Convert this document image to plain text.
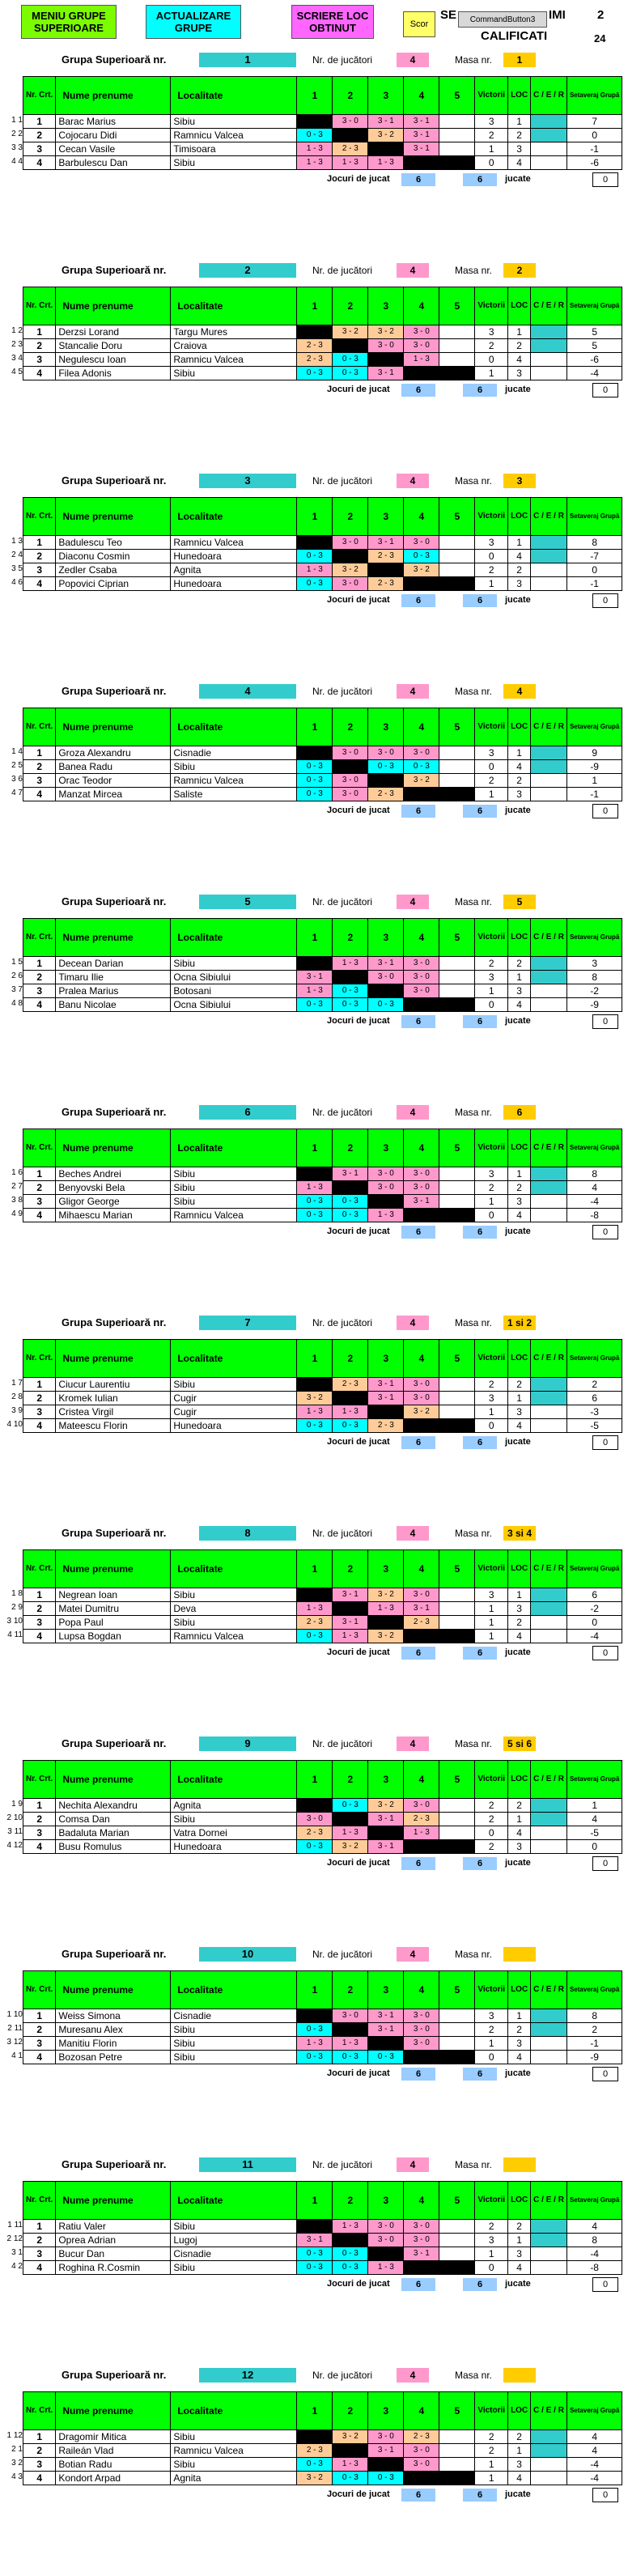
MENIU GRUPE SUPERIOARE
ACTUALIZARE GRUPE
SCRIERE LOC OBTINUT	Scor
SE	CommandButton3	IMI	2
CALIFICATI	24
Grupa Superioară nr.	1	Nr. de jucători	4	Masa nr.	1
1 1
2 2
3 3
4 4
Nr. Crt.	Nume prenume	Localitate	1	2	3	4	5	Victorii	LOC	C / E / R	Setaveraj Grupă
1	Barac Marius	Sibiu		3 - 0	3 - 1	3 - 1		3	1		7
2	Cojocaru Didi	Ramnicu Valcea	0 - 3		3 - 2	3 - 1		2	2		0
3	Cecan Vasile	Timisoara	1 - 3	2 - 3		3 - 1		1	3		-1
4	Barbulescu Dan	Sibiu	1 - 3	1 - 3	1 - 3			0	4		-6
Jocuri de jucat	6	6	jucate	0
Grupa Superioară nr.	2	Nr. de jucători	4	Masa nr.	2
1 2
2 3
3 4
4 5
Nr. Crt.	Nume prenume	Localitate	1	2	3	4	5	Victorii	LOC	C / E / R	Setaveraj Grupă
1	Derzsi Lorand	Targu Mures		3 - 2	3 - 2	3 - 0		3	1		5
2	Stancalie Doru	Craiova	2 - 3		3 - 0	3 - 0		2	2		5
3	Negulescu Ioan	Ramnicu Valcea	2 - 3	0 - 3		1 - 3		0	4		-6
4	Filea Adonis	Sibiu	0 - 3	0 - 3	3 - 1			1	3		-4
Jocuri de jucat	6	6	jucate	0
Grupa Superioară nr.	3	Nr. de jucători	4	Masa nr.	3
1 3
2 4
3 5
4 6
Nr. Crt.	Nume prenume	Localitate	1	2	3	4	5	Victorii	LOC	C / E / R	Setaveraj Grupă
1	Badulescu Teo	Ramnicu Valcea		3 - 0	3 - 1	3 - 0		3	1		8
2	Diaconu Cosmin	Hunedoara	0 - 3		2 - 3	0 - 3		0	4		-7
3	Zedler Csaba	Agnita	1 - 3	3 - 2		3 - 2		2	2		0
4	Popovici Ciprian	Hunedoara	0 - 3	3 - 0	2 - 3			1	3		-1
Jocuri de jucat	6	6	jucate	0
Grupa Superioară nr.	4	Nr. de jucători	4	Masa nr.	4
1 4
2 5
3 6
4 7
Nr. Crt.	Nume prenume	Localitate	1	2	3	4	5	Victorii	LOC	C / E / R	Setaveraj Grupă
1	Groza Alexandru	Cisnadie		3 - 0	3 - 0	3 - 0		3	1		9
2	Banea Radu	Sibiu	0 - 3		0 - 3	0 - 3		0	4		-9
3	Orac Teodor	Ramnicu Valcea	0 - 3	3 - 0		3 - 2		2	2		1
4	Manzat Mircea	Saliste	0 - 3	3 - 0	2 - 3			1	3		-1
Jocuri de jucat	6	6	jucate	0
Grupa Superioară nr.	5	Nr. de jucători	4	Masa nr.	5
1 5
2 6
3 7
4 8
Nr. Crt.	Nume prenume	Localitate	1	2	3	4	5	Victorii	LOC	C / E / R	Setaveraj Grupă
1	Decean Darian	Sibiu		1 - 3	3 - 1	3 - 0		2	2		3
2	Timaru Ilie	Ocna Sibiului	3 - 1		3 - 0	3 - 0		3	1		8
3	Pralea Marius	Botosani	1 - 3	0 - 3		3 - 0		1	3		-2
4	Banu Nicolae	Ocna Sibiului	0 - 3	0 - 3	0 - 3			0	4		-9
Jocuri de jucat	6	6	jucate	0
Grupa Superioară nr.	6	Nr. de jucători	4	Masa nr.	6
1 6
2 7
3 8
4 9
Nr. Crt.	Nume prenume	Localitate	1	2	3	4	5	Victorii	LOC	C / E / R	Setaveraj Grupă
1	Beches Andrei	Sibiu		3 - 1	3 - 0	3 - 0		3	1		8
2	Benyovski Bela	Sibiu	1 - 3		3 - 0	3 - 0		2	2		4
3	Gligor George	Sibiu	0 - 3	0 - 3		3 - 1		1	3		-4
4	Mihaescu Marian	Ramnicu Valcea	0 - 3	0 - 3	1 - 3			0	4		-8
Jocuri de jucat	6	6	jucate	0
Grupa Superioară nr.	7	Nr. de jucători	4	Masa nr.	1 si 2
1 7
2 8
3 9
4 10
Nr. Crt.	Nume prenume	Localitate	1	2	3	4	5	Victorii	LOC	C / E / R	Setaveraj Grupă
1	Ciucur Laurentiu	Sibiu		2 - 3	3 - 1	3 - 0		2	2		2
2	Kromek Iulian	Cugir	3 - 2		3 - 1	3 - 0		3	1		6
3	Cristea Virgil	Cugir	1 - 3	1 - 3		3 - 2		1	3		-3
4	Mateescu Florin	Hunedoara	0 - 3	0 - 3	2 - 3			0	4		-5
Jocuri de jucat	6	6	jucate	0
Grupa Superioară nr.	8	Nr. de jucători	4	Masa nr.	3 si 4
1 8
2 9
3 10
4 11
Nr. Crt.	Nume prenume	Localitate	1	2	3	4	5	Victorii	LOC	C / E / R	Setaveraj Grupă
1	Negrean Ioan	Sibiu		3 - 1	3 - 2	3 - 0		3	1		6
2	Matei Dumitru	Deva	1 - 3		1 - 3	3 - 1		1	3		-2
3	Popa Paul	Sibiu	2 - 3	3 - 1		2 - 3		1	2		0
4	Lupsa Bogdan	Ramnicu Valcea	0 - 3	1 - 3	3 - 2			1	4		-4
Jocuri de jucat	6	6	jucate	0
Grupa Superioară nr.	9	Nr. de jucători	4	Masa nr.	5 si 6
1 9
2 10
3 11
4 12
Nr. Crt.	Nume prenume	Localitate	1	2	3	4	5	Victorii	LOC	C / E / R	Setaveraj Grupă
1	Nechita Alexandru	Agnita		0 - 3	3 - 2	3 - 0		2	2		1
2	Comsa Dan	Sibiu	3 - 0		3 - 1	2 - 3		2	1		4
3	Badaluta Marian	Vatra Dornei	2 - 3	1 - 3		1 - 3		0	4		-5
4	Busu Romulus	Hunedoara	0 - 3	3 - 2	3 - 1			2	3		0
Jocuri de jucat	6	6	jucate	0
Grupa Superioară nr.	10	Nr. de jucători	4	Masa nr.
1 10
2 11
3 12
4 1
Nr. Crt.	Nume prenume	Localitate	1	2	3	4	5	Victorii	LOC	C / E / R	Setaveraj Grupă
1	Weiss Simona	Cisnadie		3 - 0	3 - 1	3 - 0		3	1		8
2	Muresanu Alex	Sibiu	0 - 3		3 - 1	3 - 0		2	2		2
3	Manitiu Florin	Sibiu	1 - 3	1 - 3		3 - 0		1	3		-1
4	Bozosan Petre	Sibiu	0 - 3	0 - 3	0 - 3			0	4		-9
Jocuri de jucat	6	6	jucate	0
Grupa Superioară nr.	11	Nr. de jucători	4	Masa nr.
1 11
2 12
3 1
4 2
Nr. Crt.	Nume prenume	Localitate	1	2	3	4	5	Victorii	LOC	C / E / R	Setaveraj Grupă
1	Ratiu Valer	Sibiu		1 - 3	3 - 0	3 - 0		2	2		4
2	Oprea Adrian	Lugoj	3 - 1		3 - 0	3 - 0		3	1		8
3	Bucur Dan	Cisnadie	0 - 3	0 - 3		3 - 1		1	3		-4
4	Roghina R.Cosmin	Sibiu	0 - 3	0 - 3	1 - 3			0	4		-8
Jocuri de jucat	6	6	jucate	0
Grupa Superioară nr.	12	Nr. de jucători	4	Masa nr.
1 12
2 1
3 2
4 3
Nr. Crt.	Nume prenume	Localitate	1	2	3	4	5	Victorii	LOC	C / E / R	Setaveraj Grupă
1	Dragomir Mitica	Sibiu		3 - 2	3 - 0	2 - 3		2	2		4
2	Raileán Vlad	Ramnicu Valcea	2 - 3		3 - 1	3 - 0		2	1		4
3	Botian Radu	Sibiu	0 - 3	1 - 3		3 - 0		1	3		-4
4	Kondort Arpad	Agnita	3 - 2	0 - 3	0 - 3			1	4		-4
Jocuri de jucat	6	6	jucate	0
